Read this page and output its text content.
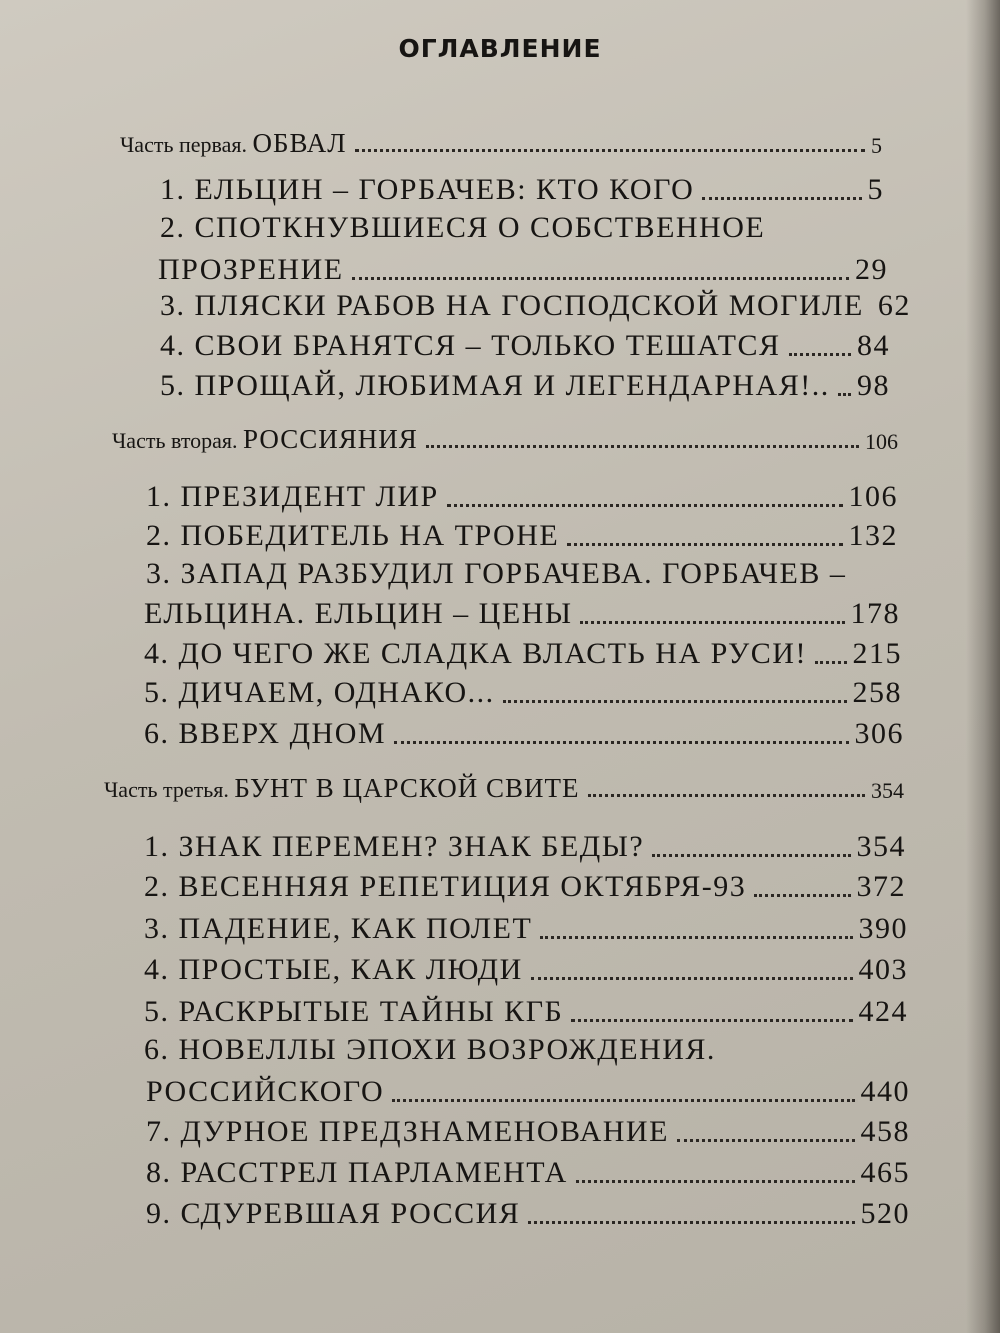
ОГЛАВЛЕНИЕ
Часть первая. ОБВАЛ	5
1. ЕЛЬЦИН – ГОРБАЧЕВ: КТО КОГО	5
2. СПОТКНУВШИЕСЯ О СОБСТВЕННОЕ
ПРОЗРЕНИЕ	29
3. ПЛЯСКИ РАБОВ НА ГОСПОДСКОЙ МОГИЛЕ 62
4. СВОИ БРАНЯТСЯ – ТОЛЬКО ТЕШАТСЯ	84
5. ПРОЩАЙ, ЛЮБИМАЯ И ЛЕГЕНДАРНАЯ!.. 98
Часть вторая. РОССИЯНИЯ	106
1. ПРЕЗИДЕНТ ЛИР	106
2. ПОБЕДИТЕЛЬ НА ТРОНЕ	132
3. ЗАПАД РАЗБУДИЛ ГОРБАЧЕВА. ГОРБАЧЕВ –
ЕЛЬЦИНА. ЕЛЬЦИН – ЦЕНЫ	178
4. ДО ЧЕГО ЖЕ СЛАДКА ВЛАСТЬ НА РУСИ! 215
5. ДИЧАЕМ, ОДНАКО...	258
6. ВВЕРХ ДНОМ	306
Часть третья. БУНТ В ЦАРСКОЙ СВИТЕ	354
1. ЗНАК ПЕРЕМЕН? ЗНАК БЕДЫ?	354
2. ВЕСЕННЯЯ РЕПЕТИЦИЯ ОКТЯБРЯ-93	372
3. ПАДЕНИЕ, КАК ПОЛЕТ	390
4. ПРОСТЫЕ, КАК ЛЮДИ	403
5. РАСКРЫТЫЕ ТАЙНЫ КГБ	424
6. НОВЕЛЛЫ ЭПОХИ ВОЗРОЖДЕНИЯ.
РОССИЙСКОГО	440
7. ДУРНОЕ ПРЕДЗНАМЕНОВАНИЕ	458
8. РАССТРЕЛ ПАРЛАМЕНТА	465
9. СДУРЕВШАЯ РОССИЯ	520
